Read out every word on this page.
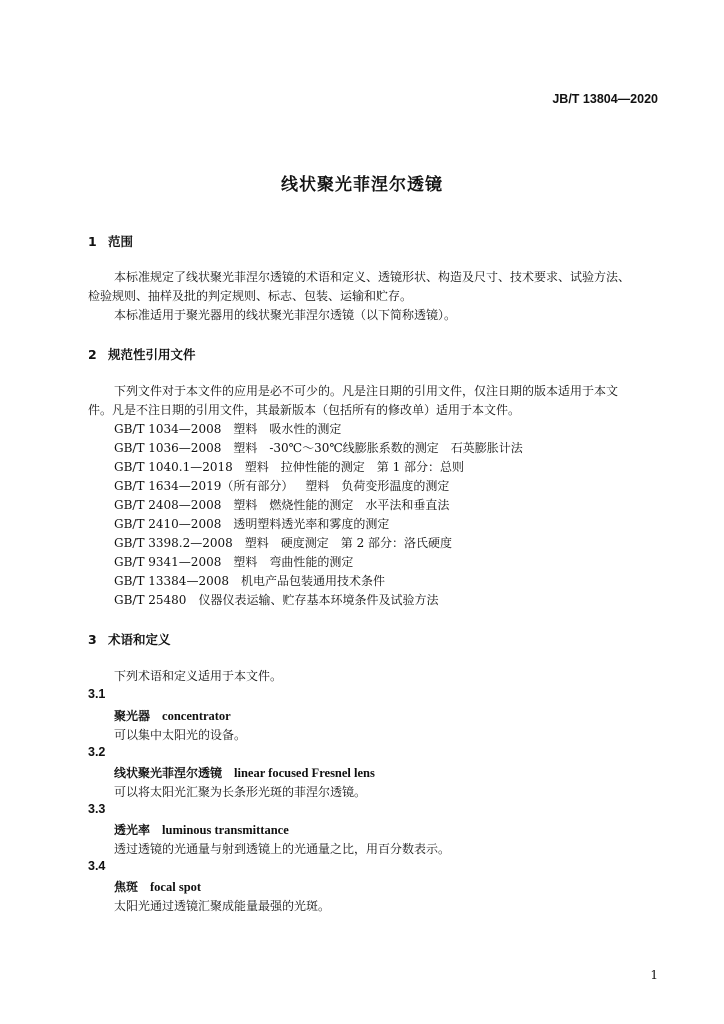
JB/T 13804—2020
线状聚光菲涅尔透镜
1 范围
本标准规定了线状聚光菲涅尔透镜的术语和定义、透镜形状、构造及尺寸、技术要求、试验方法、
检验规则、抽样及批的判定规则、标志、包装、运输和贮存。
本标准适用于聚光器用的线状聚光菲涅尔透镜（以下简称透镜）。
2 规范性引用文件
下列文件对于本文件的应用是必不可少的。凡是注日期的引用文件，仅注日期的版本适用于本文
件。凡是不注日期的引用文件，其最新版本（包括所有的修改单）适用于本文件。
GB/T 1034—2008 塑料　吸水性的测定
GB/T 1036—2008 塑料　-30℃～30℃线膨胀系数的测定　石英膨胀计法
GB/T 1040.1—2018 塑料　拉伸性能的测定　第 1 部分：总则
GB/T 1634—2019（所有部分） 塑料　负荷变形温度的测定
GB/T 2408—2008 塑料　燃烧性能的测定　水平法和垂直法
GB/T 2410—2008 透明塑料透光率和雾度的测定
GB/T 3398.2—2008 塑料　硬度测定　第 2 部分：洛氏硬度
GB/T 9341—2008 塑料　弯曲性能的测定
GB/T 13384—2008 机电产品包装通用技术条件
GB/T 25480 仪器仪表运输、贮存基本环境条件及试验方法
3 术语和定义
下列术语和定义适用于本文件。
3.1
聚光器 concentrator
可以集中太阳光的设备。
3.2
线状聚光菲涅尔透镜 linear focused Fresnel lens
可以将太阳光汇聚为长条形光斑的菲涅尔透镜。
3.3
透光率 luminous transmittance
透过透镜的光通量与射到透镜上的光通量之比，用百分数表示。
3.4
焦斑 focal spot
太阳光通过透镜汇聚成能量最强的光斑。
1
